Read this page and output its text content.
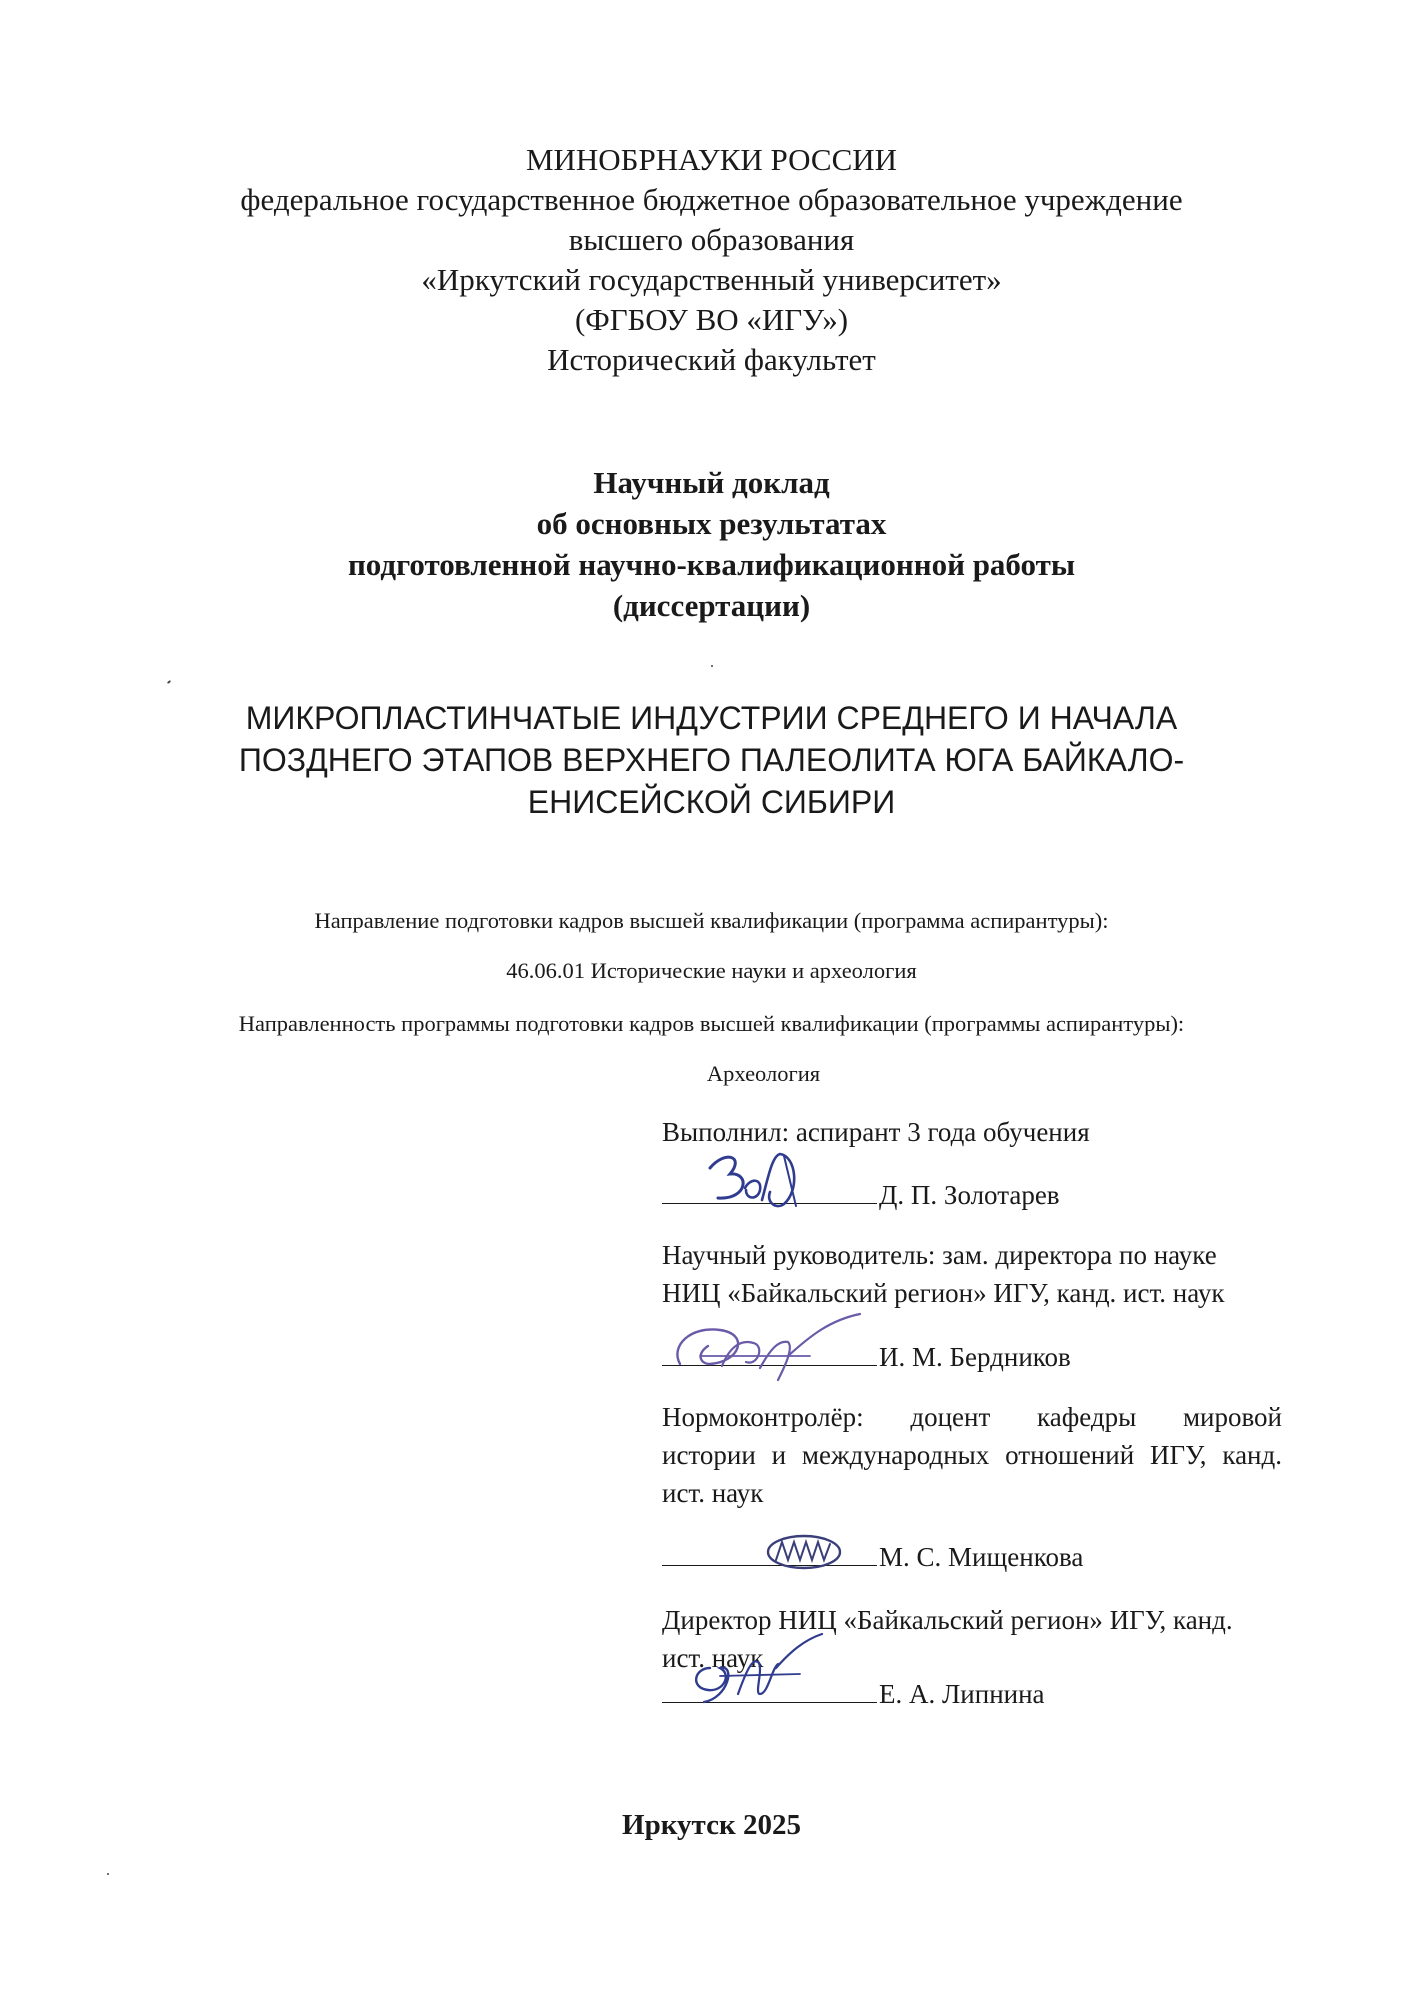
МИНОБРНАУКИ РОССИИ
федеральное государственное бюджетное образовательное учреждение
высшего образования
«Иркутский государственный университет»
(ФГБОУ ВО «ИГУ»)
Исторический факультет
Научный доклад
об основных результатах
подготовленной научно-квалификационной работы
(диссертации)
МИКРОПЛАСТИНЧАТЫЕ ИНДУСТРИИ СРЕДНЕГО И НАЧАЛА
ПОЗДНЕГО ЭТАПОВ ВЕРХНЕГО ПАЛЕОЛИТА ЮГА БАЙКАЛО-
ЕНИСЕЙСКОЙ СИБИРИ
Направление подготовки кадров высшей квалификации (программа аспирантуры):
46.06.01 Исторические науки и археология
Направленность программы подготовки кадров высшей квалификации (программы аспирантуры):
Археология
Выполнил: аспирант 3 года обучения
Д. П. Золотарев
Научный руководитель: зам. директора по науке
НИЦ «Байкальский регион» ИГУ, канд. ист. наук
И. М. Бердников
Нормоконтролёр: доцент кафедры мировой
истории и международных отношений ИГУ, канд.
ист. наук
М. С. Мищенкова
Директор НИЦ «Байкальский регион» ИГУ, канд.
ист. наук
Е. А. Липнина
Иркутск 2025
